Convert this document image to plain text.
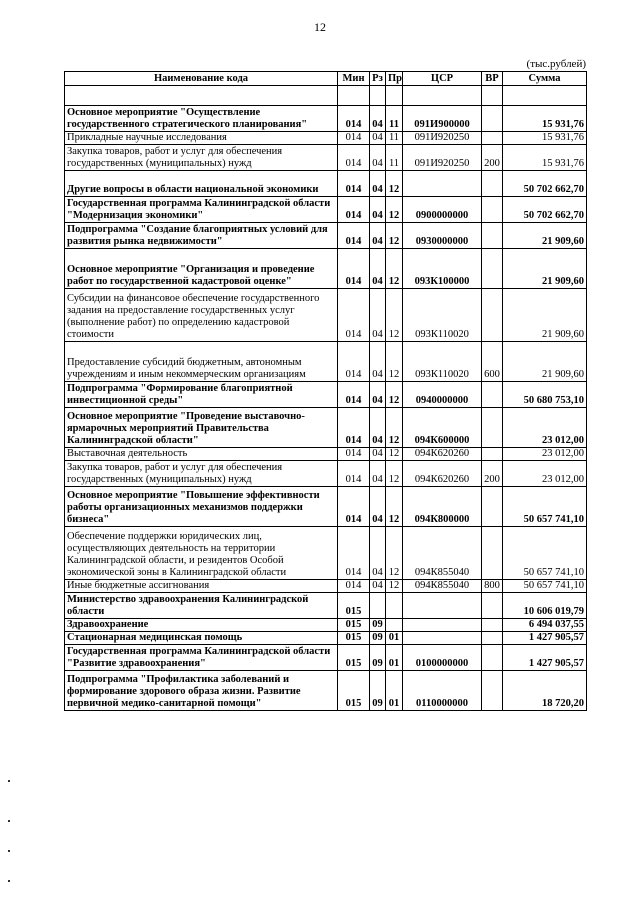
12
(тыс.рублей)
Наименование кода	Мин	Рз	Пр	ЦСР	ВР	Сумма

Основное мероприятие "Осуществление государственного стратегического планирования"	014	04	11	091И900000		15 931,76
Прикладные научные исследования	014	04	11	091И920250		15 931,76
Закупка товаров, работ и услуг для обеспечения государственных (муниципальных) нужд	014	04	11	091И920250	200	15 931,76
Другие вопросы в области национальной экономики	014	04	12			50 702 662,70
Государственная программа Калининградской области "Модернизация экономики"	014	04	12	0900000000		50 702 662,70
Подпрограмма "Создание благоприятных условий для развития рынка недвижимости"	014	04	12	0930000000		21 909,60
Основное мероприятие "Организация и проведение работ по государственной кадастровой оценке"	014	04	12	093К100000		21 909,60
Субсидии на финансовое обеспечение государственного задания на предоставление государственных услуг (выполнение работ) по определению кадастровой стоимости	014	04	12	093К110020		21 909,60
Предоставление субсидий бюджетным, автономным учреждениям и иным некоммерческим организациям	014	04	12	093К110020	600	21 909,60
Подпрограмма "Формирование благоприятной инвестиционной среды"	014	04	12	0940000000		50 680 753,10
Основное мероприятие "Проведение выставочно-ярмарочных мероприятий Правительства Калининградской области"	014	04	12	094К600000		23 012,00
Выставочная деятельность	014	04	12	094К620260		23 012,00
Закупка товаров, работ и услуг для обеспечения государственных (муниципальных) нужд	014	04	12	094К620260	200	23 012,00
Основное мероприятие "Повышение эффективности работы организационных механизмов поддержки бизнеса"	014	04	12	094К800000		50 657 741,10
Обеспечение поддержки юридических лиц, осуществляющих деятельность на территории Калининградской области, и резидентов Особой экономической зоны в Калининградской области	014	04	12	094К855040		50 657 741,10
Иные бюджетные ассигнования	014	04	12	094К855040	800	50 657 741,10
Министерство здравоохранения Калининградской области	015					10 606 019,79
Здравоохранение	015	09				6 494 037,55
Стационарная медицинская помощь	015	09	01			1 427 905,57
Государственная программа Калининградской области "Развитие здравоохранения"	015	09	01	0100000000		1 427 905,57
Подпрограмма "Профилактика заболеваний и формирование здорового образа жизни. Развитие первичной медико-санитарной помощи"	015	09	01	0110000000		18 720,20
